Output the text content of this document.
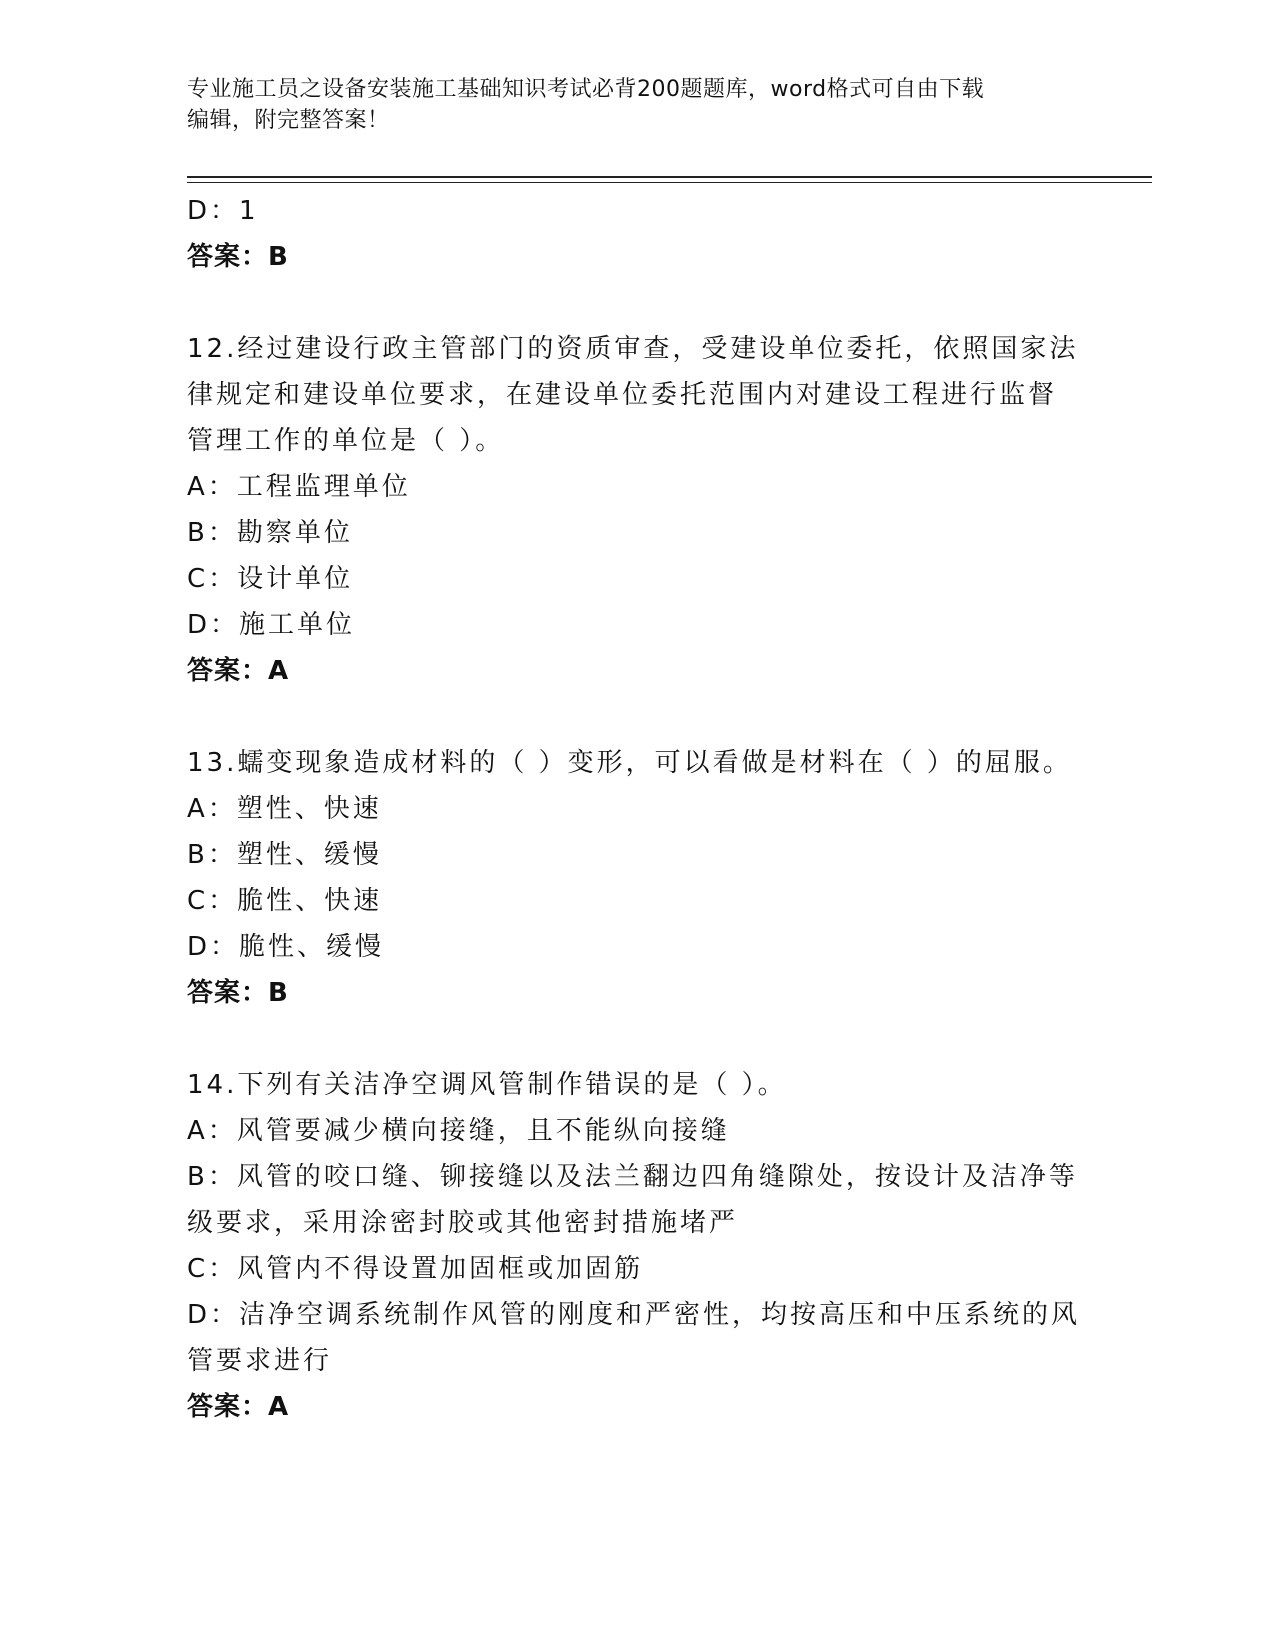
专业施工员之设备安装施工基础知识考试必背200题题库，word格式可自由下载
编辑，附完整答案！
D：1
答案：B
12.经过建设行政主管部门的资质审查，受建设单位委托，依照国家法
律规定和建设单位要求，在建设单位委托范围内对建设工程进行监督
管理工作的单位是（ ）。
A：工程监理单位
B：勘察单位
C：设计单位
D：施工单位
答案：A
13.蠕变现象造成材料的（ ）变形，可以看做是材料在（ ）的屈服。
A：塑性、快速
B：塑性、缓慢
C：脆性、快速
D：脆性、缓慢
答案：B
14.下列有关洁净空调风管制作错误的是（ ）。
A：风管要减少横向接缝，且不能纵向接缝
B：风管的咬口缝、铆接缝以及法兰翻边四角缝隙处，按设计及洁净等
级要求，采用涂密封胶或其他密封措施堵严
C：风管内不得设置加固框或加固筋
D：洁净空调系统制作风管的刚度和严密性，均按高压和中压系统的风
管要求进行
答案：A
